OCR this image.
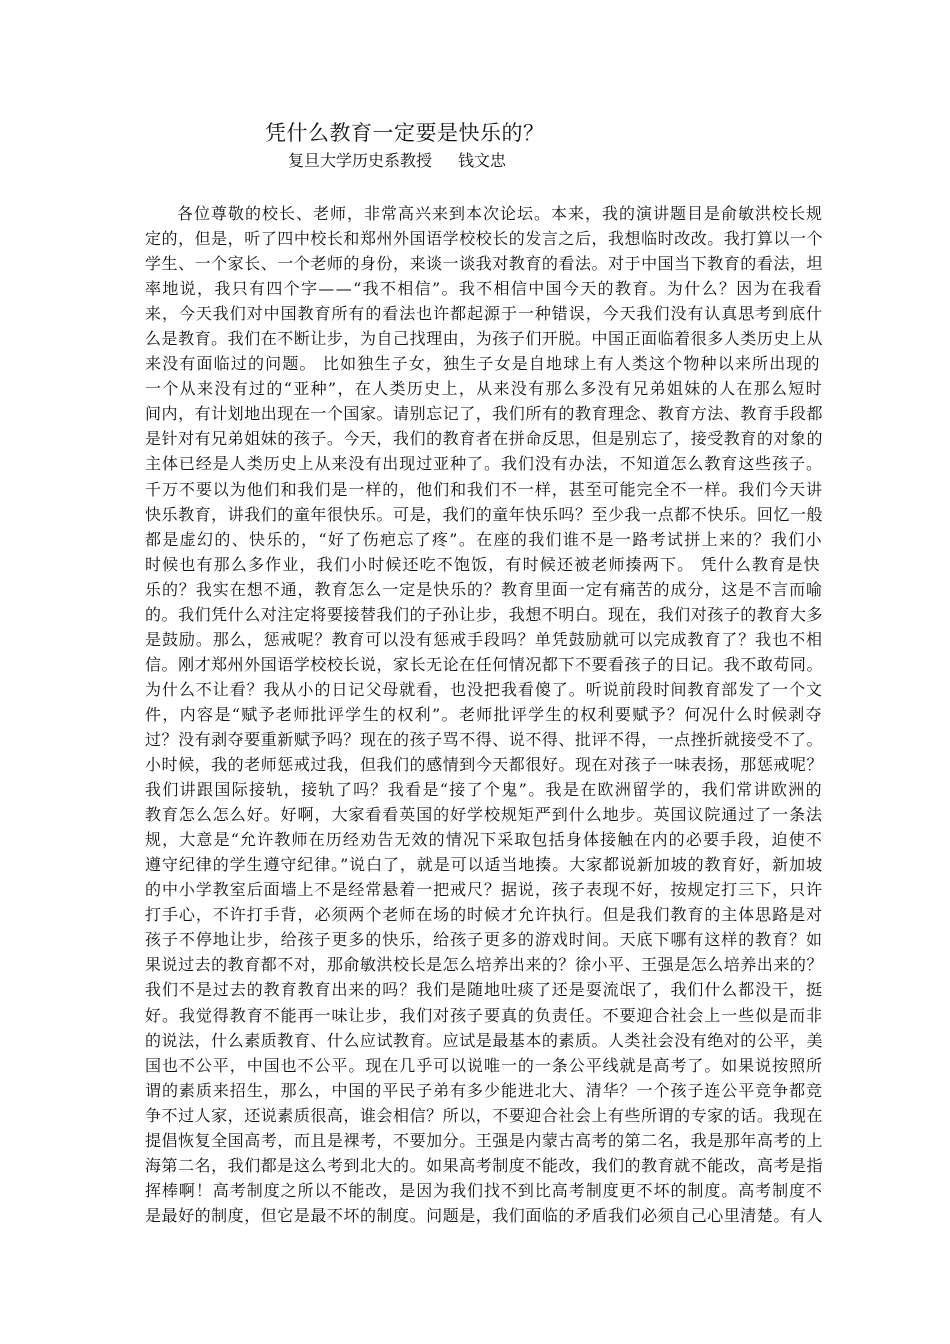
凭什么教育一定要是快乐的？
复旦大学历史系教授 钱文忠
各位尊敬的校长、老师，非常高兴来到本次论坛。本来，我的演讲题目是俞敏洪校长规
定的，但是，听了四中校长和郑州外国语学校校长的发言之后，我想临时改改。我打算以一个
学生、一个家长、一个老师的身份，来谈一谈我对教育的看法。对于中国当下教育的看法，坦
率地说，我只有四个字——“我不相信”。我不相信中国今天的教育。为什么？因为在我看
来，今天我们对中国教育所有的看法也许都起源于一种错误，今天我们没有认真思考到底什
么是教育。我们在不断让步，为自己找理由，为孩子们开脱。中国正面临着很多人类历史上从
来没有面临过的问题。 比如独生子女，独生子女是自地球上有人类这个物种以来所出现的
一个从来没有过的“亚种”，在人类历史上，从来没有那么多没有兄弟姐妹的人在那么短时
间内，有计划地出现在一个国家。请别忘记了，我们所有的教育理念、教育方法、教育手段都
是针对有兄弟姐妹的孩子。今天，我们的教育者在拼命反思，但是别忘了，接受教育的对象的
主体已经是人类历史上从来没有出现过亚种了。我们没有办法，不知道怎么教育这些孩子。
千万不要以为他们和我们是一样的，他们和我们不一样，甚至可能完全不一样。我们今天讲
快乐教育，讲我们的童年很快乐。可是，我们的童年快乐吗？至少我一点都不快乐。回忆一般
都是虚幻的、快乐的，“好了伤疤忘了疼”。在座的我们谁不是一路考试拼上来的？我们小
时候也有那么多作业，我们小时候还吃不饱饭，有时候还被老师揍两下。 凭什么教育是快
乐的？我实在想不通，教育怎么一定是快乐的？教育里面一定有痛苦的成分，这是不言而喻
的。我们凭什么对注定将要接替我们的子孙让步，我想不明白。现在，我们对孩子的教育大多
是鼓励。那么，惩戒呢？教育可以没有惩戒手段吗？单凭鼓励就可以完成教育了？我也不相
信。刚才郑州外国语学校校长说，家长无论在任何情况都下不要看孩子的日记。我不敢苟同。
为什么不让看？我从小的日记父母就看，也没把我看傻了。听说前段时间教育部发了一个文
件，内容是“赋予老师批评学生的权利”。老师批评学生的权利要赋予？何况什么时候剥夺
过？没有剥夺要重新赋予吗？现在的孩子骂不得、说不得、批评不得，一点挫折就接受不了。
小时候，我的老师惩戒过我，但我们的感情到今天都很好。现在对孩子一味表扬，那惩戒呢？
我们讲跟国际接轨，接轨了吗？我看是“接了个鬼”。我是在欧洲留学的，我们常讲欧洲的
教育怎么怎么好。好啊，大家看看英国的好学校规矩严到什么地步。英国议院通过了一条法
规，大意是“允许教师在历经劝告无效的情况下采取包括身体接触在内的必要手段，迫使不
遵守纪律的学生遵守纪律。”说白了，就是可以适当地揍。大家都说新加坡的教育好，新加坡
的中小学教室后面墙上不是经常悬着一把戒尺？据说，孩子表现不好，按规定打三下，只许
打手心，不许打手背，必须两个老师在场的时候才允许执行。但是我们教育的主体思路是对
孩子不停地让步，给孩子更多的快乐，给孩子更多的游戏时间。天底下哪有这样的教育？如
果说过去的教育都不对，那俞敏洪校长是怎么培养出来的？徐小平、王强是怎么培养出来的？
我们不是过去的教育教育出来的吗？我们是随地吐痰了还是耍流氓了，我们什么都没干，挺
好。我觉得教育不能再一味让步，我们对孩子要真的负责任。不要迎合社会上一些似是而非
的说法，什么素质教育、什么应试教育。应试是最基本的素质。人类社会没有绝对的公平，美
国也不公平，中国也不公平。现在几乎可以说唯一的一条公平线就是高考了。如果说按照所
谓的素质来招生，那么，中国的平民子弟有多少能进北大、清华？一个孩子连公平竞争都竞
争不过人家，还说素质很高，谁会相信？所以，不要迎合社会上有些所谓的专家的话。我现在
提倡恢复全国高考，而且是裸考，不要加分。王强是内蒙古高考的第二名，我是那年高考的上
海第二名，我们都是这么考到北大的。如果高考制度不能改，我们的教育就不能改，高考是指
挥棒啊！高考制度之所以不能改，是因为我们找不到比高考制度更不坏的制度。高考制度不
是最好的制度，但它是最不坏的制度。问题是，我们面临的矛盾我们必须自己心里清楚。有人
